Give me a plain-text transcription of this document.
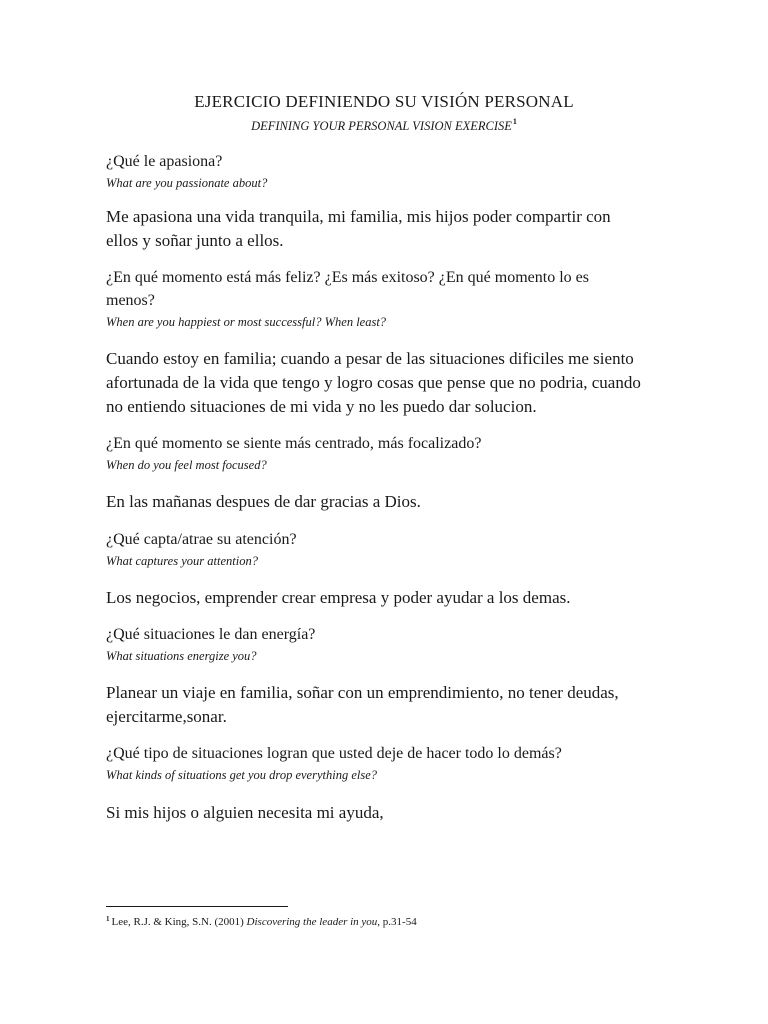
EJERCICIO DEFINIENDO SU VISIÓN PERSONAL
DEFINING YOUR PERSONAL VISION EXERCISE$^1$
¿Qué le apasiona?
What are you passionate about?
Me apasiona una vida tranquila, mi familia, mis hijos poder compartir con
ellos y soñar junto a ellos.
¿En qué momento está más feliz? ¿Es más exitoso? ¿En qué momento lo es
menos?
When are you happiest or most successful? When least?
Cuando estoy en familia; cuando a pesar de las situaciones dificiles me siento
afortunada de la vida que tengo y logro cosas que pense que no podria, cuando
no entiendo situaciones de mi vida y no les puedo dar solucion.
¿En qué momento se siente más centrado, más focalizado?
When do you feel most focused?
En las mañanas despues de dar gracias a Dios.
¿Qué capta/atrae su atención?
What captures your attention?
Los negocios, emprender crear empresa y poder ayudar a los demas.
¿Qué situaciones le dan energía?
What situations energize you?
Planear un viaje en familia, soñar con un emprendimiento, no tener deudas,
ejercitarme,sonar.
¿Qué tipo de situaciones logran que usted deje de hacer todo lo demás?
What kinds of situations get you drop everything else?
Si mis hijos o alguien necesita mi ayuda,
$^1$ Lee, R.J. & King, S.N. (2001) Discovering the leader in you, p.31-54
